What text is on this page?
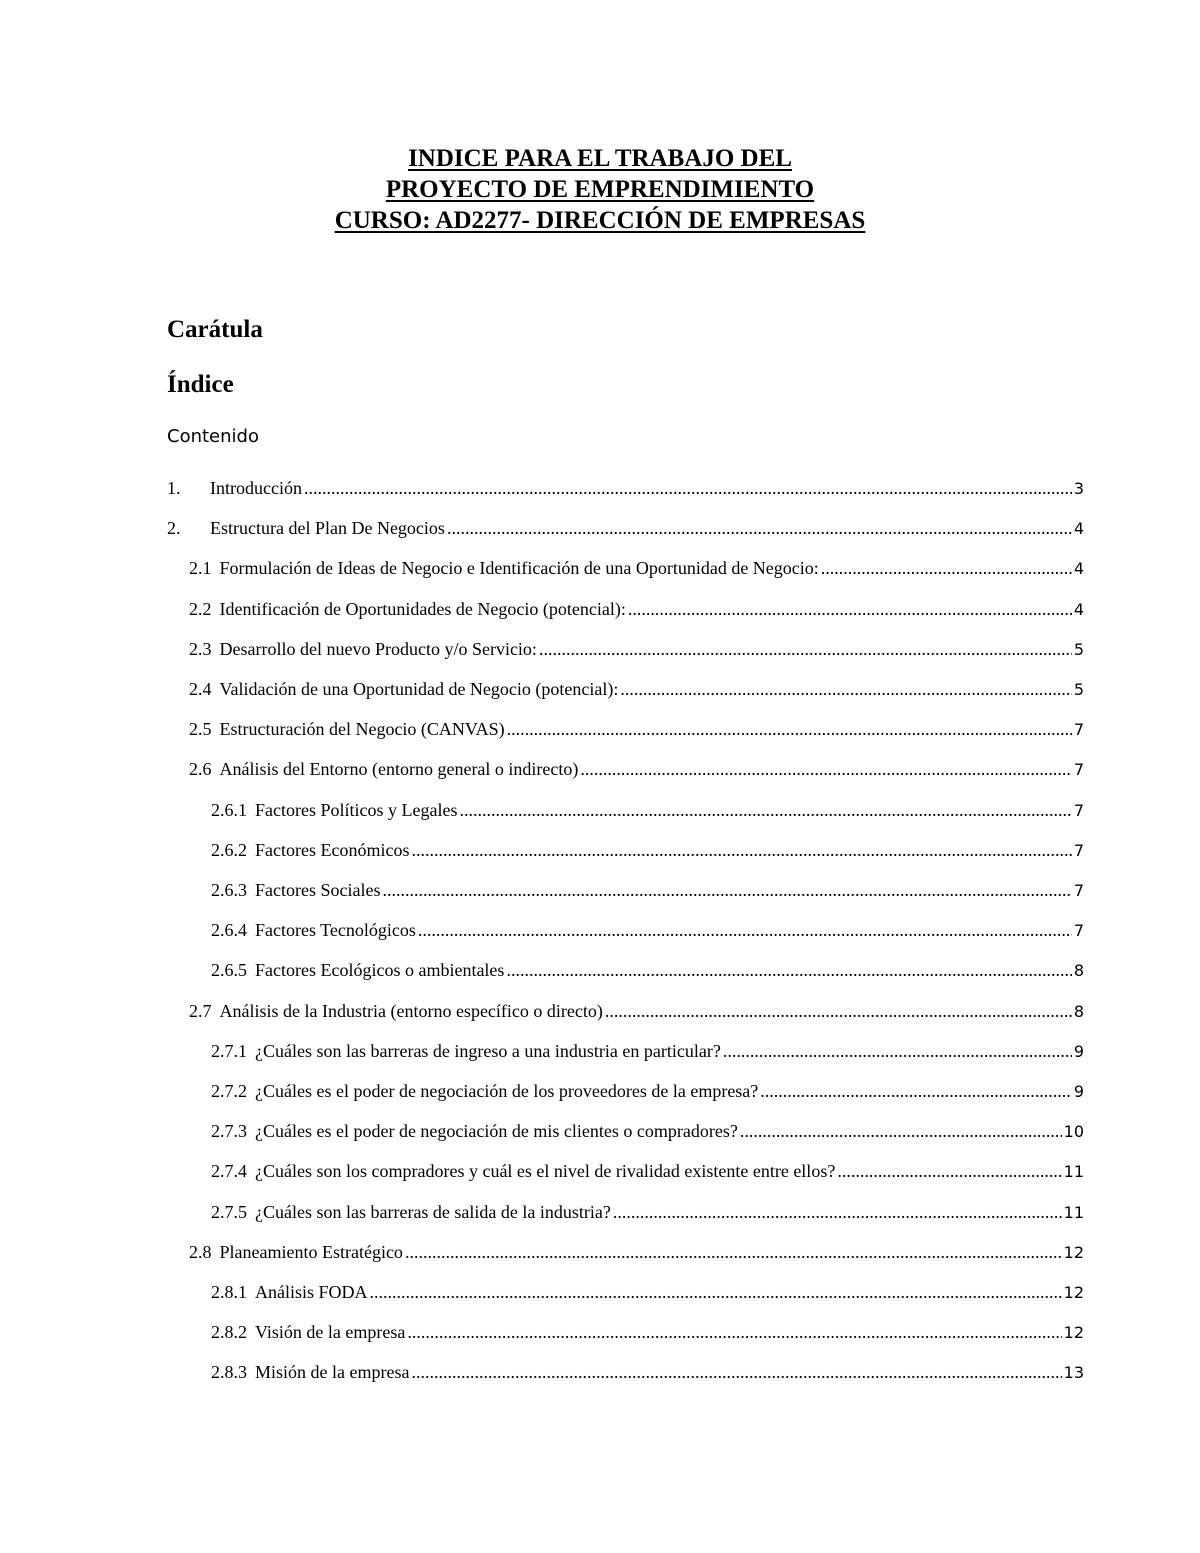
INDICE PARA EL TRABAJO DEL
PROYECTO DE EMPRENDIMIENTO
CURSO: AD2277- DIRECCIÓN DE EMPRESAS
Carátula
Índice
Contenido
1.	Introducción .....	3
2.	Estructura del Plan De Negocios .....	4
2.1 Formulación de Ideas de Negocio e Identificación de una Oportunidad de Negocio: .....	4
2.2 Identificación de Oportunidades de Negocio (potencial): .....	4
2.3 Desarrollo del nuevo Producto y/o Servicio: .....	5
2.4 Validación de una Oportunidad de Negocio (potencial): .....	5
2.5 Estructuración del Negocio (CANVAS) .....	7
2.6 Análisis del Entorno (entorno general o indirecto) .....	7
2.6.1 Factores Políticos y Legales .....	7
2.6.2 Factores Económicos .....	7
2.6.3 Factores Sociales .....	7
2.6.4 Factores Tecnológicos .....	7
2.6.5 Factores Ecológicos o ambientales .....	8
2.7 Análisis de la Industria (entorno específico o directo) .....	8
2.7.1 ¿Cuáles son las barreras de ingreso a una industria en particular? .....	9
2.7.2 ¿Cuáles es el poder de negociación de los proveedores de la empresa? .....	9
2.7.3 ¿Cuáles es el poder de negociación de mis clientes o compradores? .....	10
2.7.4 ¿Cuáles son los compradores y cuál es el nivel de rivalidad existente entre ellos? .....	11
2.7.5 ¿Cuáles son las barreras de salida de la industria? .....	11
2.8 Planeamiento Estratégico .....	12
2.8.1 Análisis FODA .....	12
2.8.2 Visión de la empresa .....	12
2.8.3 Misión de la empresa .....	13
